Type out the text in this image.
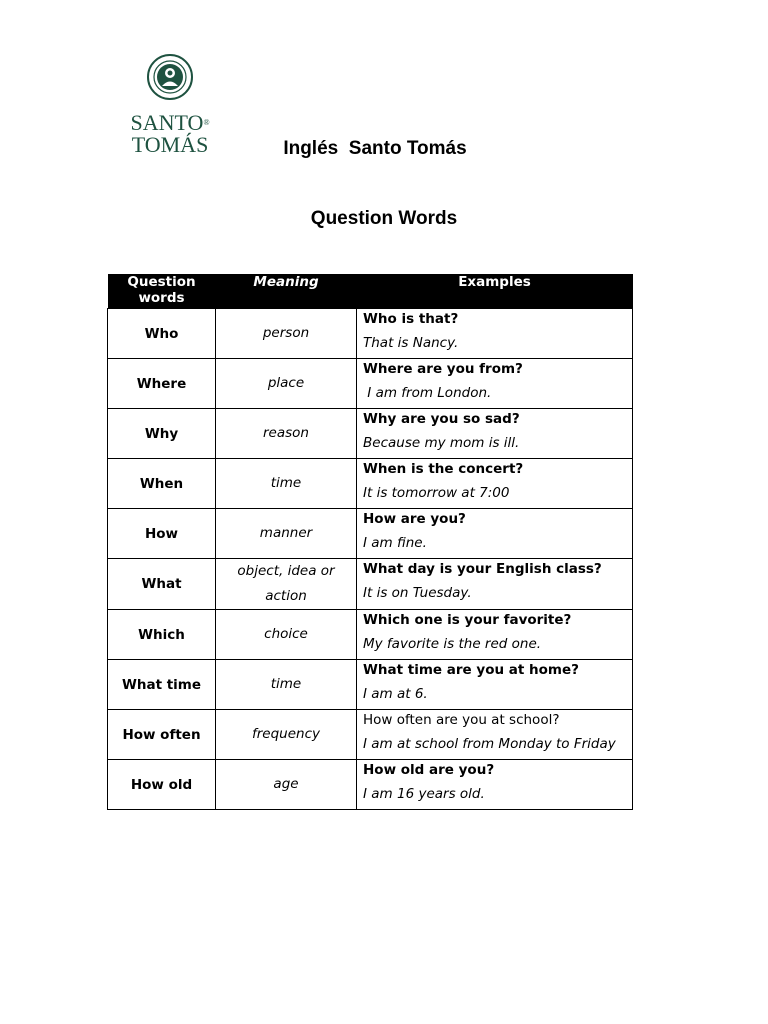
SANTO®
TOMÁS	Inglés  Santo Tomás
Question Words
Question words	Meaning	Examples
Who	person	Who is that?
That is Nancy.

Where	place	Where are you from?
I am from London.

Why	reason	Why are you so sad?
Because my mom is ill.

When	time	When is the concert?
It is tomorrow at 7:00

How	manner	How are you?
I am fine.

What	object, idea or action	What day is your English class?
It is on Tuesday.

Which	choice	Which one is your favorite?
My favorite is the red one.

What time	time	What time are you at home?
I am at 6.

How often	frequency	How often are you at school?
I am at school from Monday to Friday

How old	age	How old are you?
I am 16 years old.
